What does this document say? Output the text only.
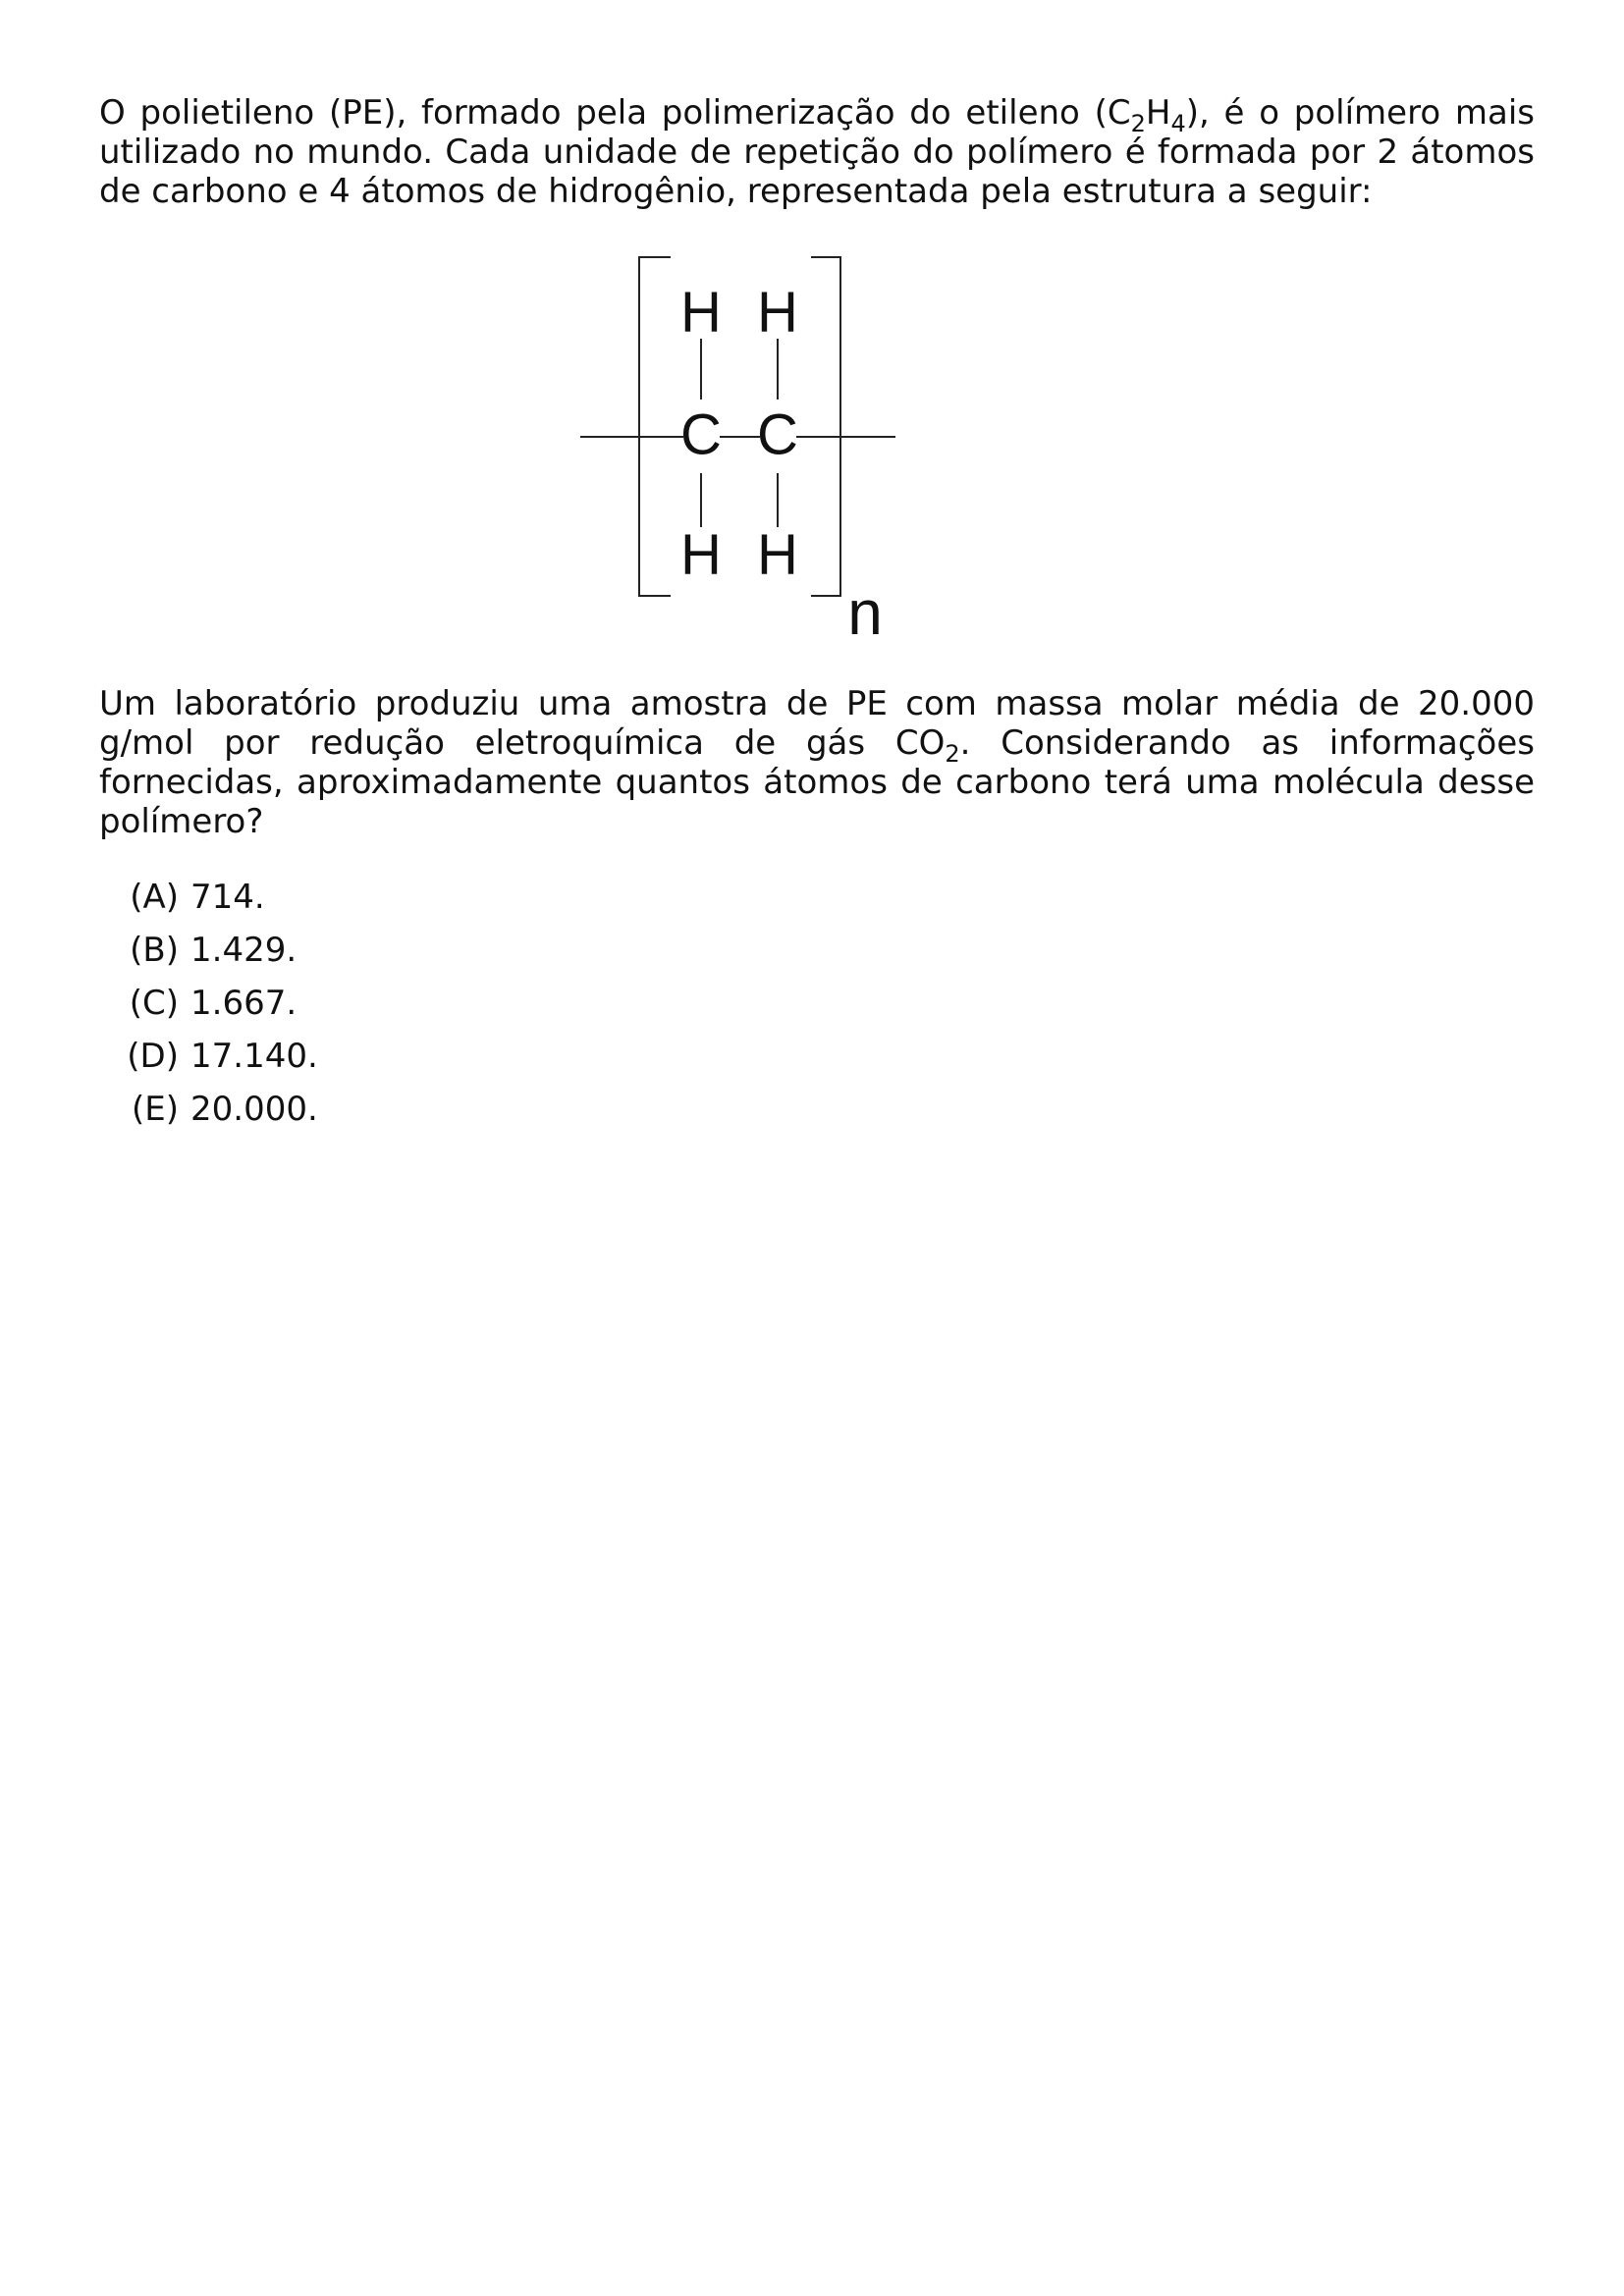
O polietileno (PE), formado pela polimerização do etileno $(C_2H_4)$, é o polímero mais utilizado no mundo. Cada unidade de repetição do polímero é formada por 2 átomos de carbono e 4 átomos de hidrogênio, representada pela estrutura a seguir:

H H
C C
H H
n

Um laboratório produziu uma amostra de PE com massa molar média de 20.000 g/mol por redução eletroquímica de gás $CO_2$. Considerando as informações fornecidas, aproximadamente quantos átomos de carbono terá uma molécula desse polímero?

(A) 714.
(B) 1.429.
(C) 1.667.
(D) 17.140.
(E) 20.000.
